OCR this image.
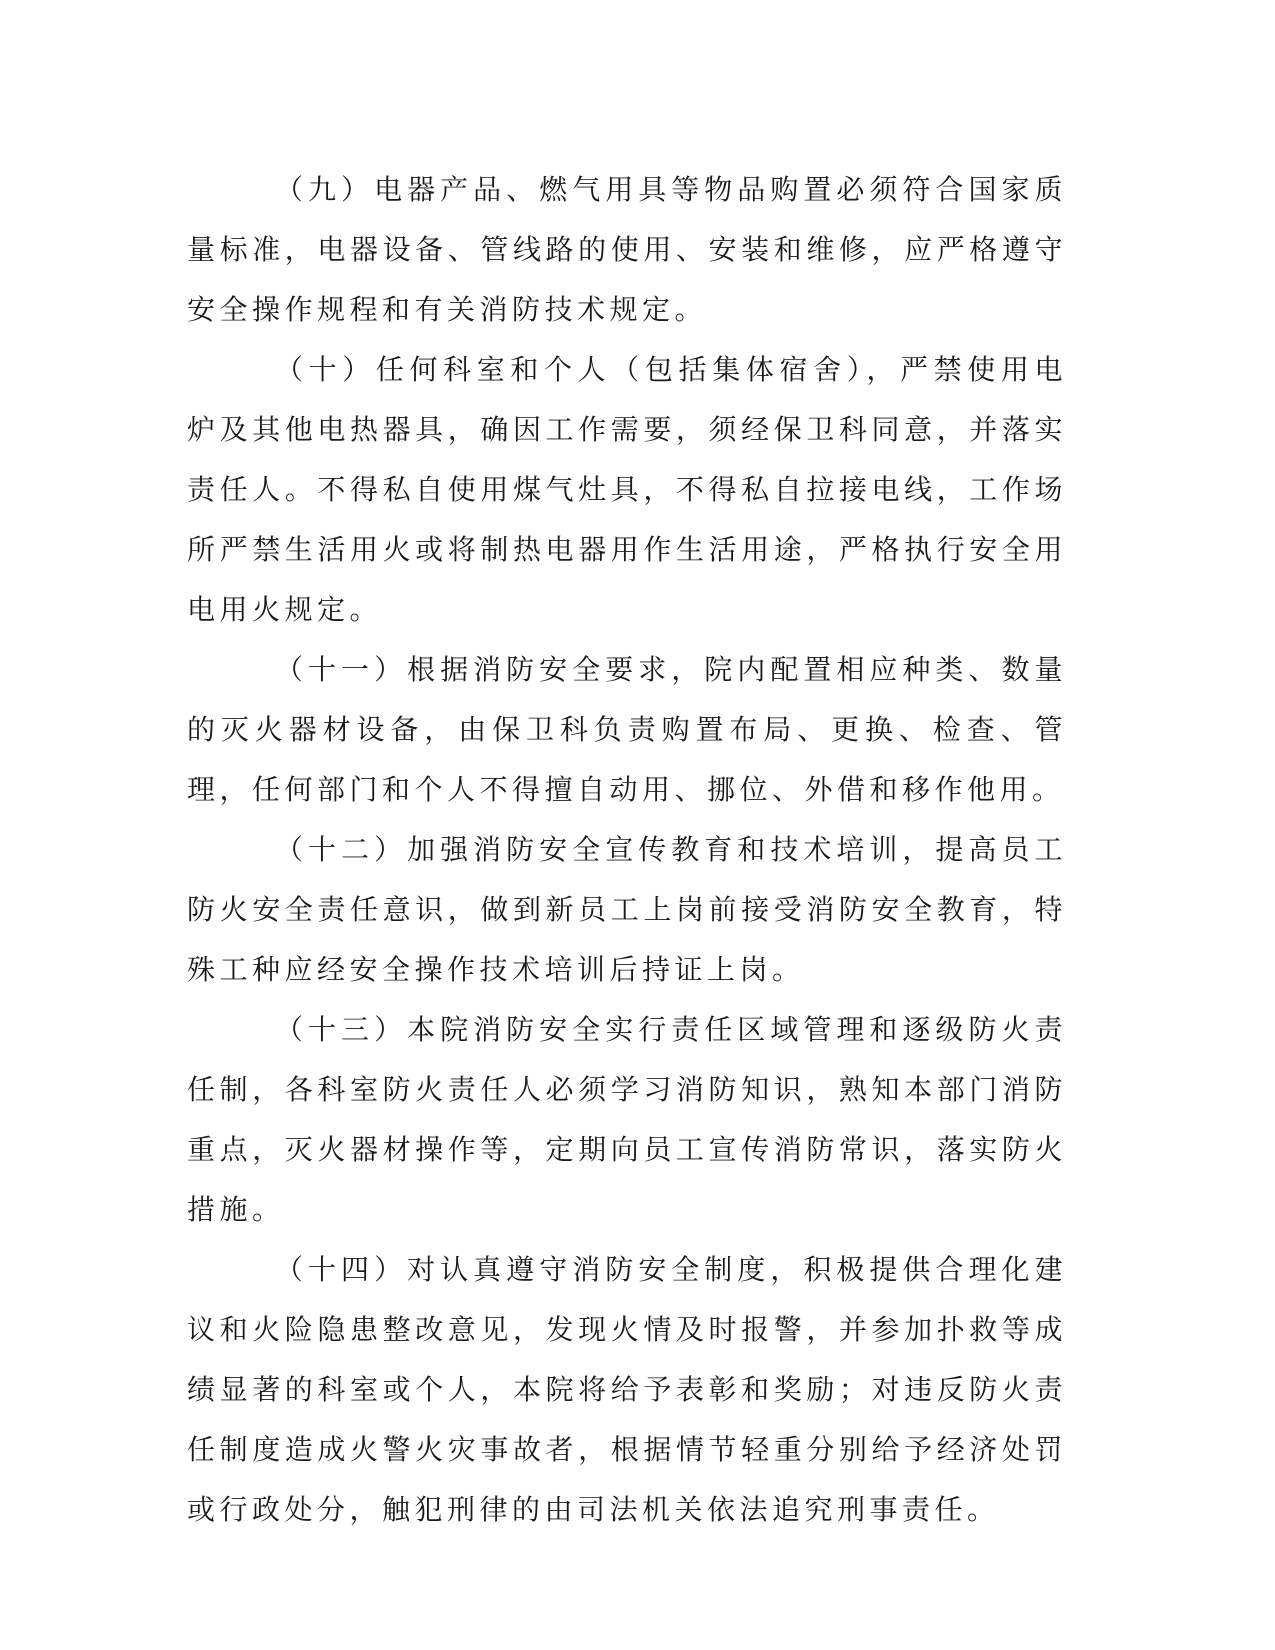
（九）电器产品、燃气用具等物品购置必须符合国家质量标准，电器设备、管线路的使用、安装和维修，应严格遵守安全操作规程和有关消防技术规定。

（十）任何科室和个人（包括集体宿舍），严禁使用电炉及其他电热器具，确因工作需要，须经保卫科同意，并落实责任人。不得私自使用煤气灶具，不得私自拉接电线，工作场所严禁生活用火或将制热电器用作生活用途，严格执行安全用电用火规定。

（十一）根据消防安全要求，院内配置相应种类、数量的灭火器材设备，由保卫科负责购置布局、更换、检查、管理，任何部门和个人不得擅自动用、挪位、外借和移作他用。

（十二）加强消防安全宣传教育和技术培训，提高员工防火安全责任意识，做到新员工上岗前接受消防安全教育，特殊工种应经安全操作技术培训后持证上岗。

（十三）本院消防安全实行责任区域管理和逐级防火责任制，各科室防火责任人必须学习消防知识，熟知本部门消防重点，灭火器材操作等，定期向员工宣传消防常识，落实防火措施。

（十四）对认真遵守消防安全制度，积极提供合理化建议和火险隐患整改意见，发现火情及时报警，并参加扑救等成绩显著的科室或个人，本院将给予表彰和奖励；对违反防火责任制度造成火警火灾事故者，根据情节轻重分别给予经济处罚或行政处分，触犯刑律的由司法机关依法追究刑事责任。
